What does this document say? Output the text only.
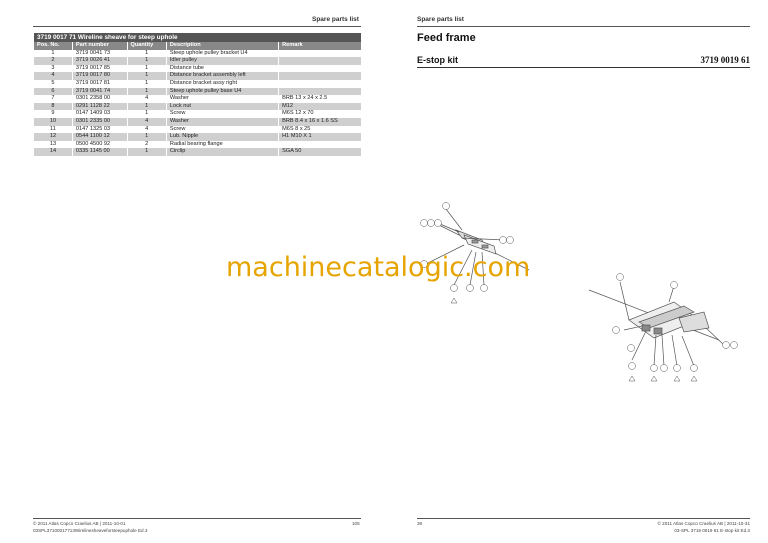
Spare parts list
3719 0017 71 Wireline sheave for steep uphole				
Pos. No.	Part number	Quantity	Description	Remark
1	3719 0041 73	1	Steep uphole pulley bracket U4	
2	3719 0026 41	1	Idler pulley	
3	3719 0017 85	1	Distance tube	
4	3719 0017 80	1	Distance bracket assembly left	
5	3719 0017 81	1	Distance bracket assy right	
6	3719 0041 74	1	Steep uphole pulley base U4	
7	0301 2358 00	4	Washer	BRB 13 x 24 x 2.5
8	0291 1128 22	1	Lock nut	M12
9	0147 1409 03	1	Screw	M6S 12 x 70
10	0301 2335 00	4	Washer	BRB 8.4 x 16 x 1.6 SS
11	0147 1325 03	4	Screw	M6S 8 x 25
12	0544 1100 12	1	Lub. Nipple	H1 M10 X 1
13	0500 4500 92	2	Radial bearing flange	
14	0335 1145 00	1	Circlip	SGA 50
© 2011 Atlas Copco Craelius AB | 2011-10-01
03SPL37100017713Wirelinesheaveforsteepuphole Ed.3
105
Spare parts list
Feed frame
E-stop kit	3719 0019 61
38	© 2011 Atlas Copco Craelius AB | 2011-10-31
03-SPL 3719 0019 61 E-stop kit Ed.3
machinecatalogic.com
